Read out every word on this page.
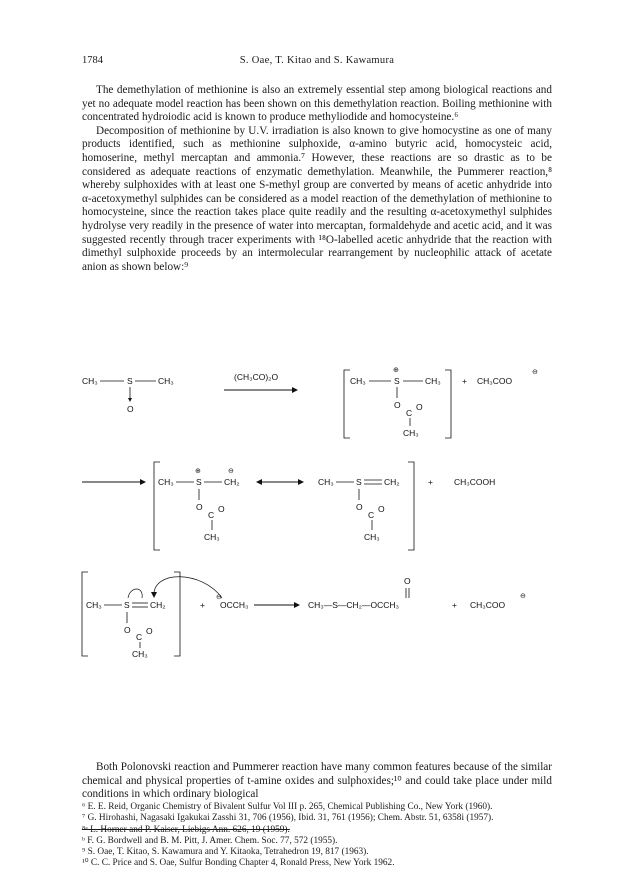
1784	S. Oae, T. Kitao and S. Kawamura

The demethylation of methionine is also an extremely essential step among biological reactions and yet no adequate model reaction has been shown on this demethylation reaction. Boiling methionine with concentrated hydroiodic acid is known to produce methyliodide and homocysteine.⁶

Decomposition of methionine by U.V. irradiation is also known to give homocystine as one of many products identified, such as methionine sulphoxide, α-amino butyric acid, homocysteic acid, homoserine, methyl mercaptan and ammonia.⁷ However, these reactions are so drastic as to be considered as adequate reactions of enzymatic demethylation. Meanwhile, the Pummerer reaction,⁸ whereby sulphoxides with at least one S-methyl group are converted by means of acetic anhydride into α-acetoxymethyl sulphides can be considered as a model reaction of the demethylation of methionine to homocysteine, since the reaction takes place quite readily and the resulting α-acetoxymethyl sulphides hydrolyse very readily in the presence of water into mercaptan, formaldehyde and acetic acid, and it was suggested recently through tracer experiments with ¹⁸O-labelled acetic anhydride that the reaction with dimethyl sulphoxide proceeds by an intermolecular rearrangement by nucleophilic attack of acetate anion as shown below:⁹

CH₃	S	CH₃
O
(CH₃CO)₂O	CH₃	S
⊕
CH₃
O
C
O
CH₃
+ CH₃COO
⊖
CH₃	S
⊕
CH₂
⊖
O
C
O
CH₃
CH₃	S	CH₂
O
C
O
CH₃
+ CH₃COOH
CH₃	S CH₂
O
C
O
CH₃
+ OCCH₃
⊖
CH₃—S—CH₂—OCCH₃
O
+ CH₃COO
⊖

Both Polonovski reaction and Pummerer reaction have many common features because of the similar chemical and physical properties of t-amine oxides and sulphoxides;¹⁰ and could take place under mild conditions in which ordinary biological

⁶ E. E. Reid, Organic Chemistry of Bivalent Sulfur Vol III p. 265, Chemical Publishing Co., New York (1960).

⁷ G. Hirohashi, Nagasaki Igakukai Zasshi 31, 706 (1956), Ibid. 31, 761 (1956); Chem. Abstr. 51, 6358i (1957).

⁸ᵃ L. Horner and P. Kaiser, Liebigs Ann. 626, 19 (1959).

ᵇ F. G. Bordwell and B. M. Pitt, J. Amer. Chem. Soc. 77, 572 (1955).

⁹ S. Oae, T. Kitao, S. Kawamura and Y. Kitaoka, Tetrahedron 19, 817 (1963).

¹⁰ C. C. Price and S. Oae, Sulfur Bonding Chapter 4, Ronald Press, New York 1962.
